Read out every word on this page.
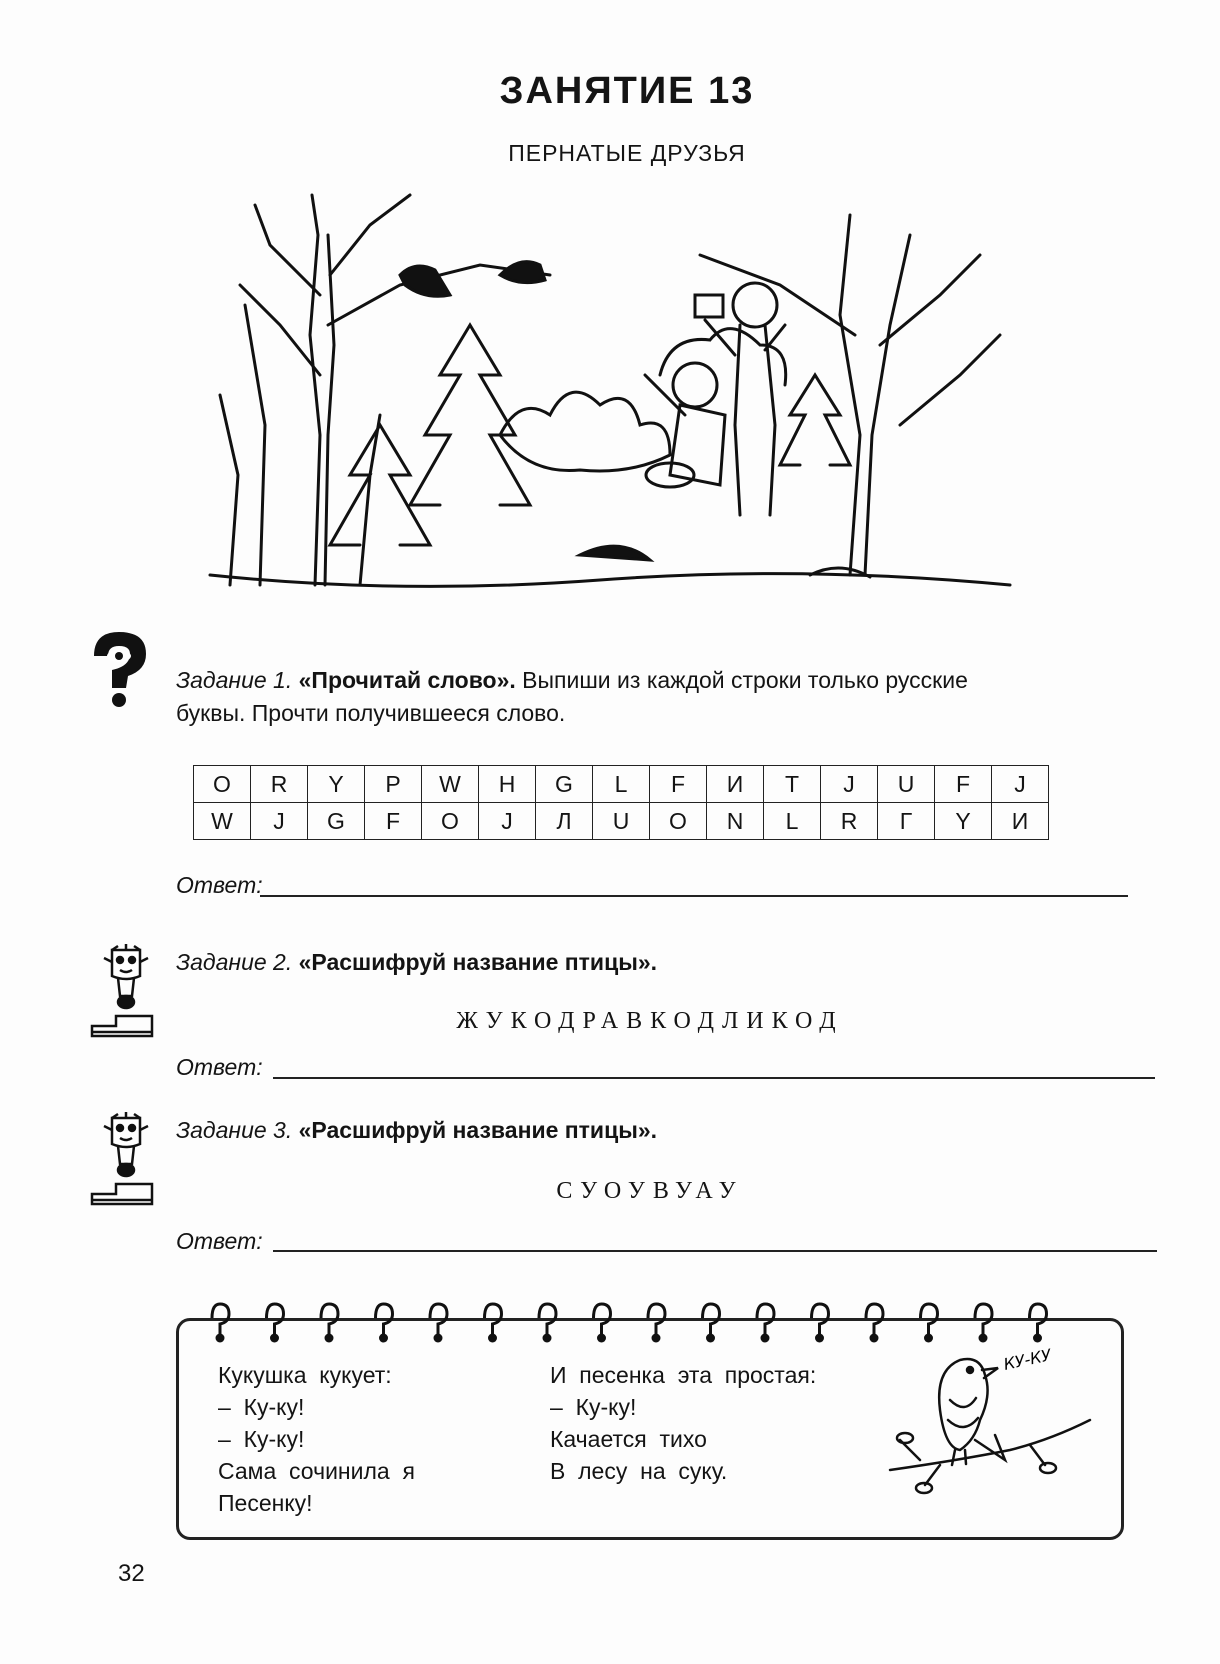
ЗАНЯТИЕ 13
ПЕРНАТЫЕ ДРУЗЬЯ
Задание 1. «Прочитай слово». Выпиши из каждой строки только русские
буквы. Прочти получившееся слово.
O	R	Y	P	W	H	G	L	F	И	T	J	U	F	J
W	J	G	F	O	J	Л	U	O	N	L	R	Г	Y	И
Ответ:
Задание 2. «Расшифруй название птицы».
ЖУКОДРАВКОДЛИКОД
Ответ:
Задание 3. «Расшифруй название птицы».
СУОУВУАУ
Ответ:
Кукушка  кукует:
–  Ку-ку!
–  Ку-ку!
Сама  сочинила  я
Песенку!
И  песенка  эта  простая:
–  Ку-ку!
Качается  тихо
В  лесу  на  суку.
КУ-КУ
32
